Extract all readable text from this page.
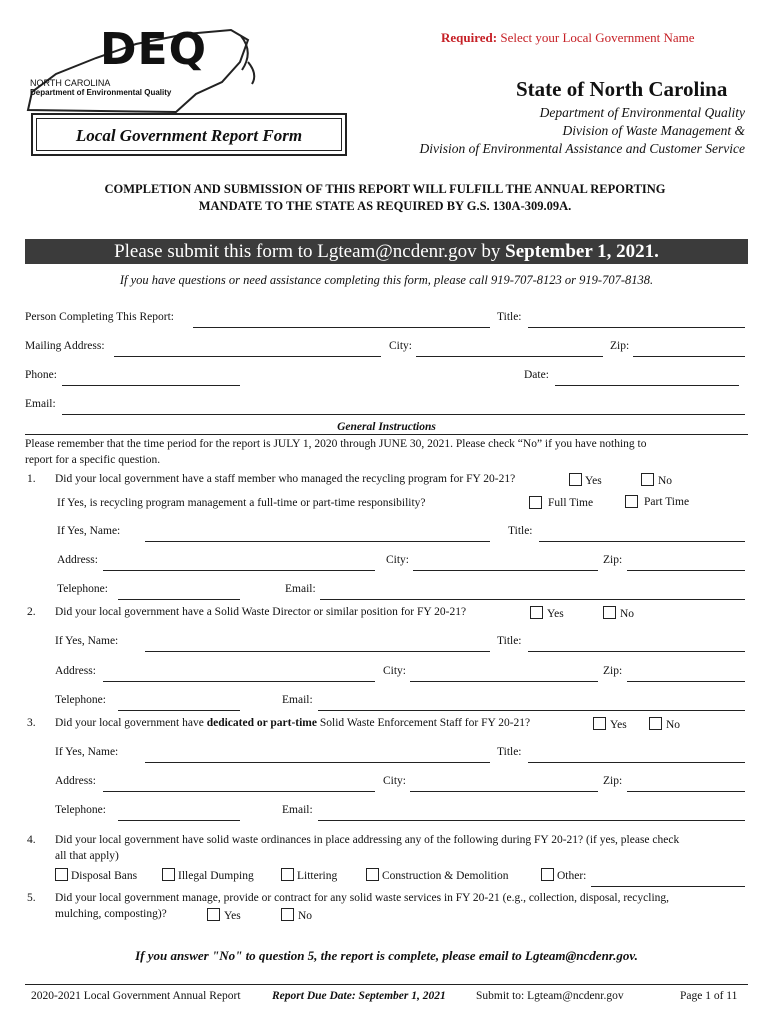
DEQ
NORTH CAROLINA
Department of Environmental Quality
Local Government Report Form
Required: Select your Local Government Name
State of North Carolina
Department of Environmental Quality
Division of Waste Management &
Division of Environmental Assistance and Customer Service
COMPLETION AND SUBMISSION OF THIS REPORT WILL FULFILL THE ANNUAL REPORTING
MANDATE TO THE STATE AS REQUIRED BY G.S. 130A-309.09A.
Please submit this form to Lgteam@ncdenr.gov by September 1, 2021.
If you have questions or need assistance completing this form, please call 919-707-8123 or 919-707-8138.
Person Completing This Report:	Title:
Mailing Address:	City:	Zip:
Phone:	Date:
Email:
General Instructions
Please remember that the time period for the report is JULY 1, 2020 through JUNE 30, 2021. Please check “No” if you have nothing to
report for a specific question.
1. Did your local government have a staff member who managed the recycling program for FY 20-21?	Yes	No
If Yes, is recycling program management a full-time or part-time responsibility?	Full Time	Part Time
If Yes, Name:	Title:
Address:	City:	Zip:
Telephone:	Email:
2. Did your local government have a Solid Waste Director or similar position for FY 20-21?	Yes	No
If Yes, Name:	Title:
Address:	City:	Zip:
Telephone:	Email:
3. Did your local government have dedicated or part-time Solid Waste Enforcement Staff for FY 20-21?	Yes	No
If Yes, Name:	Title:
Address:	City:	Zip:
Telephone:	Email:
4. Did your local government have solid waste ordinances in place addressing any of the following during FY 20-21? (if yes, please check
all that apply)
Disposal Bans	Illegal Dumping	Littering	Construction & Demolition	Other:
5. Did your local government manage, provide or contract for any solid waste services in FY 20-21 (e.g., collection, disposal, recycling,
mulching, composting)?	Yes	No
If you answer "No" to question 5, the report is complete, please email to Lgteam@ncdenr.gov.
2020-2021 Local Government Annual Report	Report Due Date: September 1, 2021	Submit to: Lgteam@ncdenr.gov	Page 1 of 11
